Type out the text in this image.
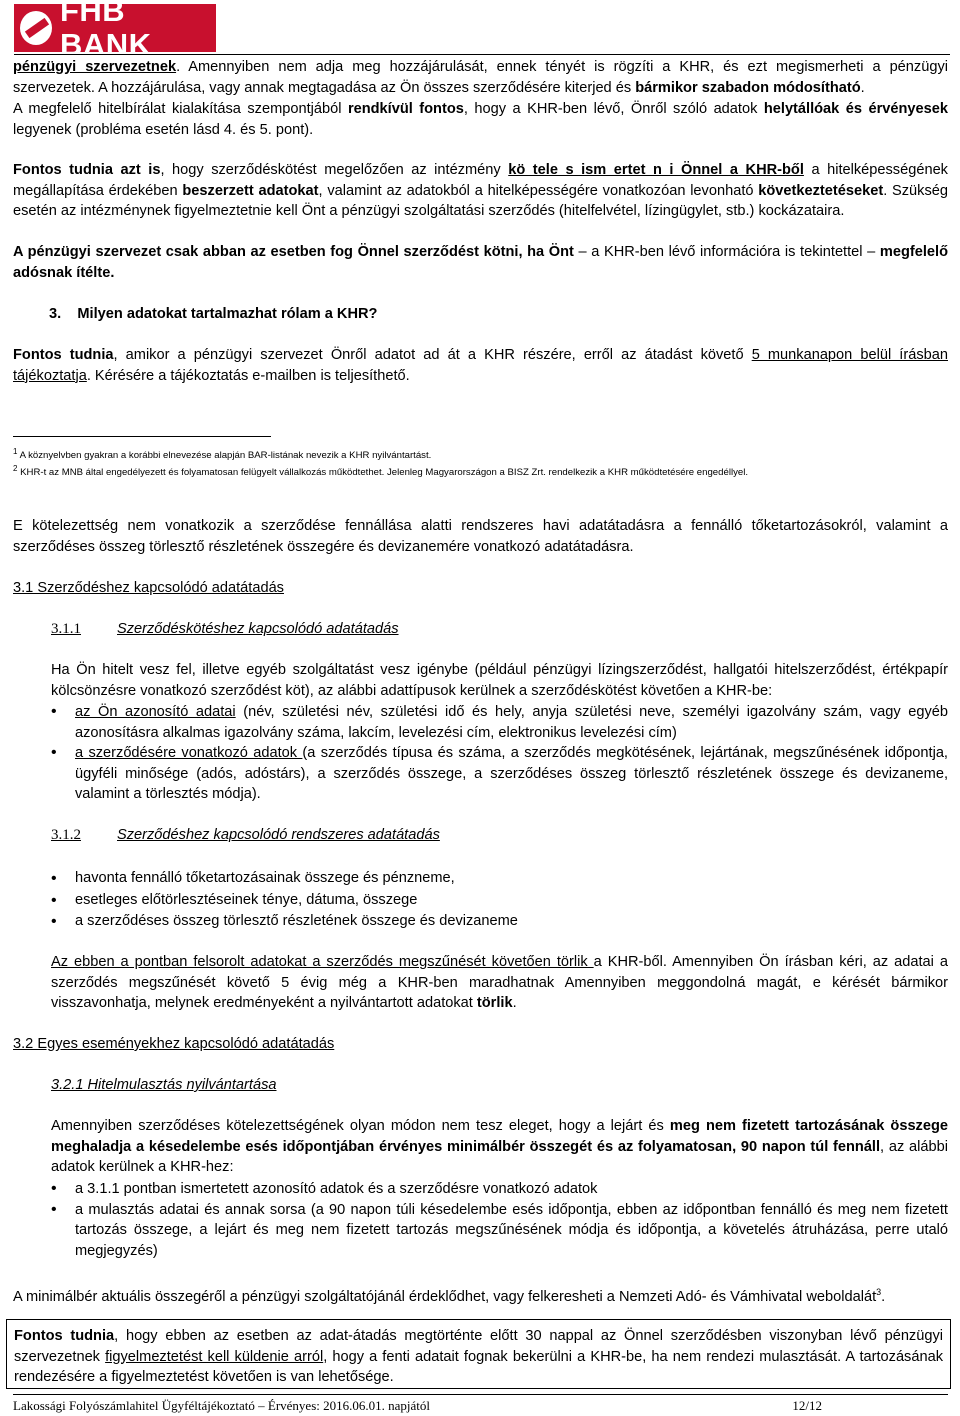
FHB BANK

pénzügyi szervezetnek. Amennyiben nem adja meg hozzájárulását, ennek tényét is rögzíti a KHR, és ezt megismerheti a pénzügyi szervezetek. A hozzájárulása, vagy annak megtagadása az Ön összes szerződésére kiterjed és bármikor szabadon módosítható.

A megfelelő hitelbírálat kialakítása szempontjából rendkívül fontos, hogy a KHR-ben lévő, Önről szóló adatok helytállóak és érvényesek legyenek (probléma esetén lásd 4. és 5. pont).

Fontos tudnia azt is, hogy szerződéskötést megelőzően az intézmény kö tele s ism ertet n i Önnel a KHR-ből a hitelképességének megállapítása érdekében beszerzett adatokat, valamint az adatokból a hitelképességére vonatkozóan levonható következtetéseket. Szükség esetén az intézménynek figyelmeztetnie kell Önt a pénzügyi szolgáltatási szerződés (hitelfelvétel, lízingügylet, stb.) kockázataira.

A pénzügyi szervezet csak abban az esetben fog Önnel szerződést kötni, ha Önt – a KHR-ben lévő információra is tekintettel – megfelelő adósnak ítélte.

3. Milyen adatokat tartalmazhat rólam a KHR?

Fontos tudnia, amikor a pénzügyi szervezet Önről adatot ad át a KHR részére, erről az átadást követő 5 munkanapon belül írásban tájékoztatja. Kérésére a tájékoztatás e-mailben is teljesíthető.

$^1$ A köznyelvben gyakran a korábbi elnevezése alapján BAR-listának nevezik a KHR nyilvántartást.
$^2$ KHR-t az MNB által engedélyezett és folyamatosan felügyelt vállalkozás működtethet. Jelenleg Magyarországon a BISZ Zrt. rendelkezik a KHR működtetésére engedéllyel.

E kötelezettség nem vonatkozik a szerződése fennállása alatti rendszeres havi adatátadásra a fennálló tőketartozásokról, valamint a szerződéses összeg törlesztő részletének összegére és devizanemére vonatkozó adatátadásra.

3.1 Szerződéshez kapcsolódó adatátadás
3.1.1 Szerződéskötéshez kapcsolódó adatátadás

Ha Ön hitelt vesz fel, illetve egyéb szolgáltatást vesz igénybe (például pénzügyi lízingszerződést, hallgatói hitelszerződést, értékpapír kölcsönzésre vonatkozó szerződést köt), az alábbi adattípusok kerülnek a szerződéskötést követően a KHR-be:

• az Ön azonosító adatai (név, születési név, születési idő és hely, anyja születési neve, személyi igazolvány szám, vagy egyéb azonosításra alkalmas igazolvány száma, lakcím, levelezési cím, elektronikus levelezési cím)
• a szerződésére vonatkozó adatok (a szerződés típusa és száma, a szerződés megkötésének, lejártának, megszűnésének időpontja, ügyféli minősége (adós, adóstárs), a szerződés összege, a szerződéses összeg törlesztő részletének összege és devizaneme, valamint a törlesztés módja).
3.1.2 Szerződéshez kapcsolódó rendszeres adatátadás
• havonta fennálló tőketartozásainak összege és pénzneme,
• esetleges előtörlesztéseinek ténye, dátuma, összege
• a szerződéses összeg törlesztő részletének összege és devizaneme

Az ebben a pontban felsorolt adatokat a szerződés megszűnését követően törlik a KHR-ből. Amennyiben Ön írásban kéri, az adatai a szerződés megszűnését követő 5 évig még a KHR-ben maradhatnak Amennyiben meggondolná magát, e kérését bármikor visszavonhatja, melynek eredményeként a nyilvántartott adatokat törlik.

3.2 Egyes eseményekhez kapcsolódó adatátadás
3.2.1 Hitelmulasztás nyilvántartása

Amennyiben szerződéses kötelezettségének olyan módon nem tesz eleget, hogy a lejárt és meg nem fizetett tartozásának összege meghaladja a késedelembe esés időpontjában érvényes minimálbér összegét és az folyamatosan, 90 napon túl fennáll, az alábbi adatok kerülnek a KHR-hez:

• a 3.1.1 pontban ismertetett azonosító adatok és a szerződésre vonatkozó adatok
• a mulasztás adatai és annak sorsa (a 90 napon túli késedelembe esés időpontja, ebben az időpontban fennálló és meg nem fizetett tartozás összege, a lejárt és meg nem fizetett tartozás megszűnésének módja és időpontja, a követelés átruházása, perre utaló megjegyzés)

A minimálbér aktuális összegéről a pénzügyi szolgáltatójánál érdeklődhet, vagy felkeresheti a Nemzeti Adó- és Vámhivatal weboldalát$^3$.

Fontos tudnia, hogy ebben az esetben az adat-átadás megtörténte előtt 30 nappal az Önnel szerződésben viszonyban lévő pénzügyi szervezetnek figyelmeztetést kell küldenie arról, hogy a fenti adatait fognak bekerülni a KHR-be, ha nem rendezi mulasztását. A tartozásának rendezésére a figyelmeztetést követően is van lehetősége.

Lakossági Folyószámlahitel Ügyféltájékoztató – Érvényes: 2016.06.01. napjától	12/12
